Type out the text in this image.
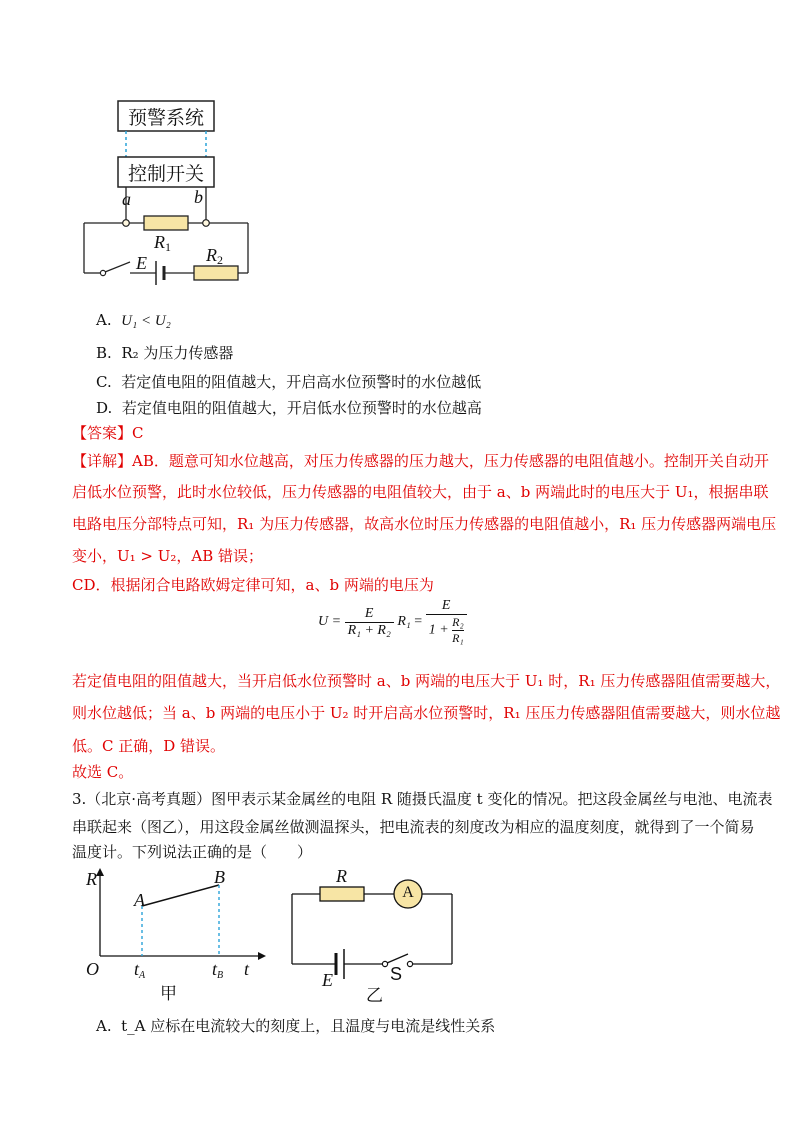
预警系统
控制开关
a	b
$R_1$
E	$R_2$
A. U₁ < U₂
B. R₂ 为压力传感器
C. 若定值电阻的阻值越大，开启高水位预警时的水位越低
D. 若定值电阻的阻值越大，开启低水位预警时的水位越高
【答案】C
【详解】AB．题意可知水位越高，对压力传感器的压力越大，压力传感器的电阻值越小。控制开关自动开
启低水位预警，此时水位较低，压力传感器的电阻值较大，由于 a、b 两端此时的电压大于 U₁，根据串联
电路电压分部特点可知，R₁ 为压力传感器，故高水位时压力传感器的电阻值越小，R₁ 压力传感器两端电压
变小，U₁ > U₂，AB 错误；
CD．根据闭合电路欧姆定律可知，a、b 两端的电压为
$U = \frac{E}{\text{R₁ + R₂}} R_1 = \frac{E}{1 + \frac{\text{R₂}}{\text{R₁}}}$
若定值电阻的阻值越大，当开启低水位预警时 a、b 两端的电压大于 U₁ 时，R₁ 压力传感器阻值需要越大，
则水位越低；当 a、b 两端的电压小于 U₂ 时开启高水位预警时，R₁ 压压力传感器阻值需要越大，则水位越
低。C 正确，D 错误。
故选 C。
3.（北京·高考真题）图甲表示某金属丝的电阻 R 随摄氏温度 t 变化的情况。把这段金属丝与电池、电流表
串联起来（图乙），用这段金属丝做测温探头，把电流表的刻度改为相应的温度刻度，就得到了一个简易
温度计。下列说法正确的是（　　）
R
A
B
O $t_A$	$t_B$ t
甲
R
A
E	S
乙
A. t_A 应标在电流较大的刻度上，且温度与电流是线性关系
